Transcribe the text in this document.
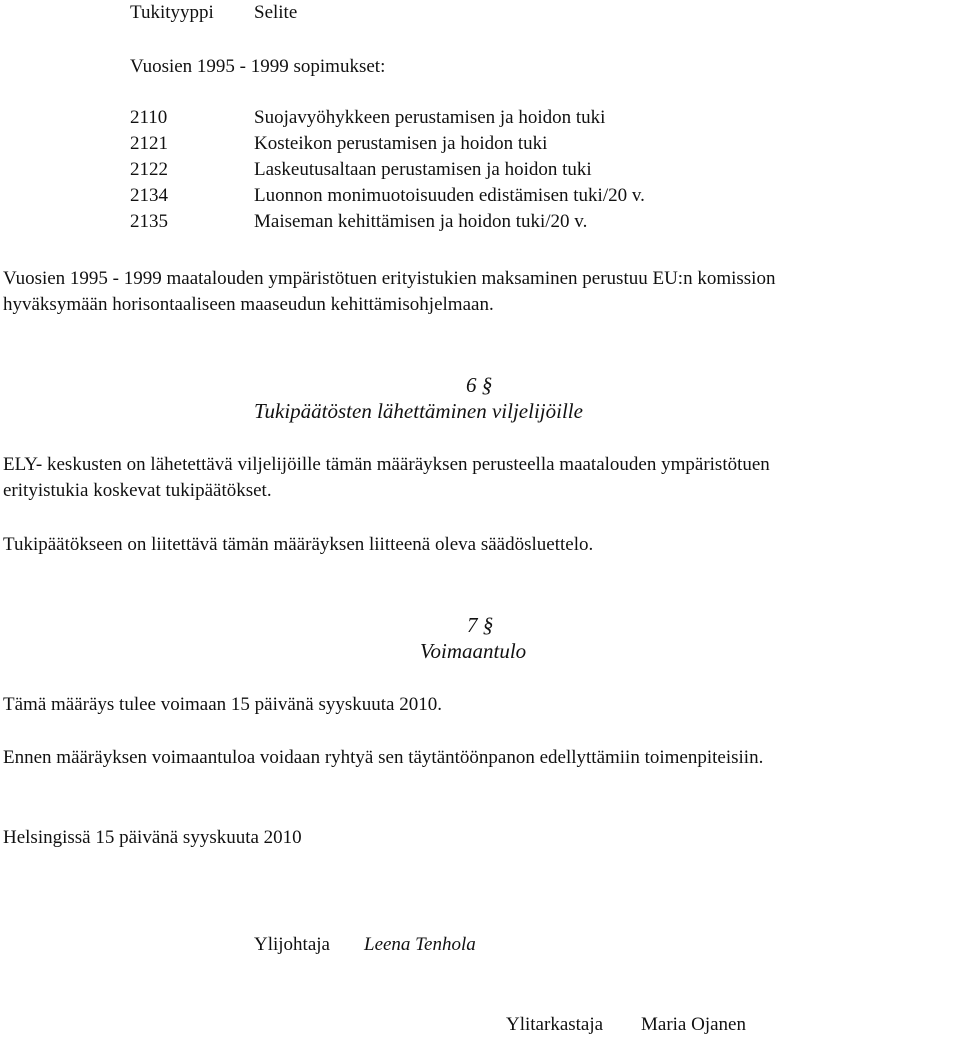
Tukityyppi Selite
Vuosien 1995 - 1999 sopimukset:
2110	Suojavyöhykkeen perustamisen ja hoidon tuki
2121	Kosteikon perustamisen ja hoidon tuki
2122	Laskeutusaltaan perustamisen ja hoidon tuki
2134	Luonnon monimuotoisuuden edistämisen tuki/20 v.
2135	Maiseman kehittämisen ja hoidon tuki/20 v.
Vuosien 1995 - 1999 maatalouden ympäristötuen erityistukien maksaminen perustuu EU:n komission
hyväksymään horisontaaliseen maaseudun kehittämisohjelmaan.
6 §
Tukipäätösten lähettäminen viljelijöille
ELY- keskusten on lähetettävä viljelijöille tämän määräyksen perusteella maatalouden ympäristötuen
erityistukia koskevat tukipäätökset.
Tukipäätökseen on liitettävä tämän määräyksen liitteenä oleva säädösluettelo.
7 §
Voimaantulo
Tämä määräys tulee voimaan 15 päivänä syyskuuta 2010.
Ennen määräyksen voimaantuloa voidaan ryhtyä sen täytäntöönpanon edellyttämiin toimenpiteisiin.
Helsingissä 15 päivänä syyskuuta 2010
Ylijohtaja Leena Tenhola
Ylitarkastaja Maria Ojanen
